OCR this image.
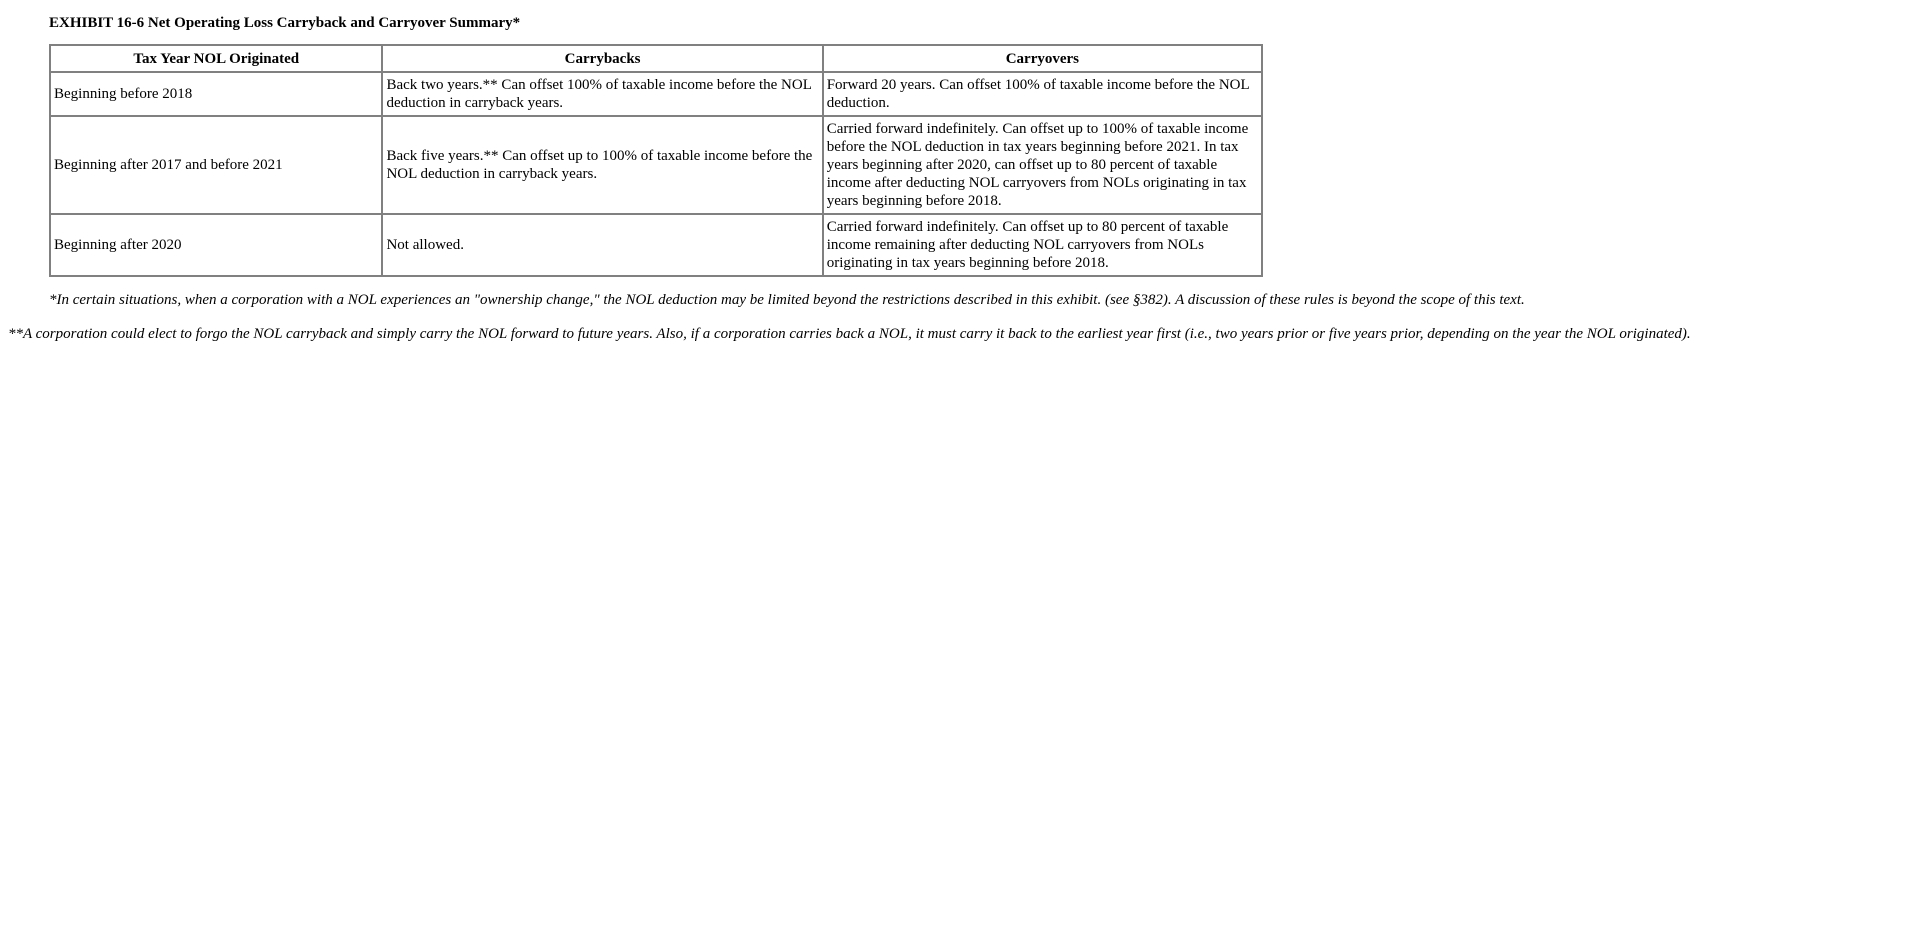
EXHIBIT 16-6 Net Operating Loss Carryback and Carryover Summary*
Tax Year NOL Originated	Carrybacks	Carryovers
Beginning before 2018	Back two years.** Can offset 100% of taxable income before the NOL deduction in carryback years.	Forward 20 years. Can offset 100% of taxable income before the NOL deduction.
Beginning after 2017 and before 2021	Back five years.** Can offset up to 100% of taxable income before the NOL deduction in carryback years.	Carried forward indefinitely. Can offset up to 100% of taxable income before the NOL deduction in tax years beginning before 2021. In tax years beginning after 2020, can offset up to 80 percent of taxable income after deducting NOL carryovers from NOLs originating in tax years beginning before 2018.
Beginning after 2020	Not allowed.	Carried forward indefinitely. Can offset up to 80 percent of taxable income remaining after deducting NOL carryovers from NOLs originating in tax years beginning before 2018.
*In certain situations, when a corporation with a NOL experiences an "ownership change," the NOL deduction may be limited beyond the restrictions described in this exhibit. (see §382). A discussion of these rules is beyond the scope of this text.
**A corporation could elect to forgo the NOL carryback and simply carry the NOL forward to future years. Also, if a corporation carries back a NOL, it must carry it back to the earliest year first (i.e., two years prior or five years prior, depending on the year the NOL originated).
